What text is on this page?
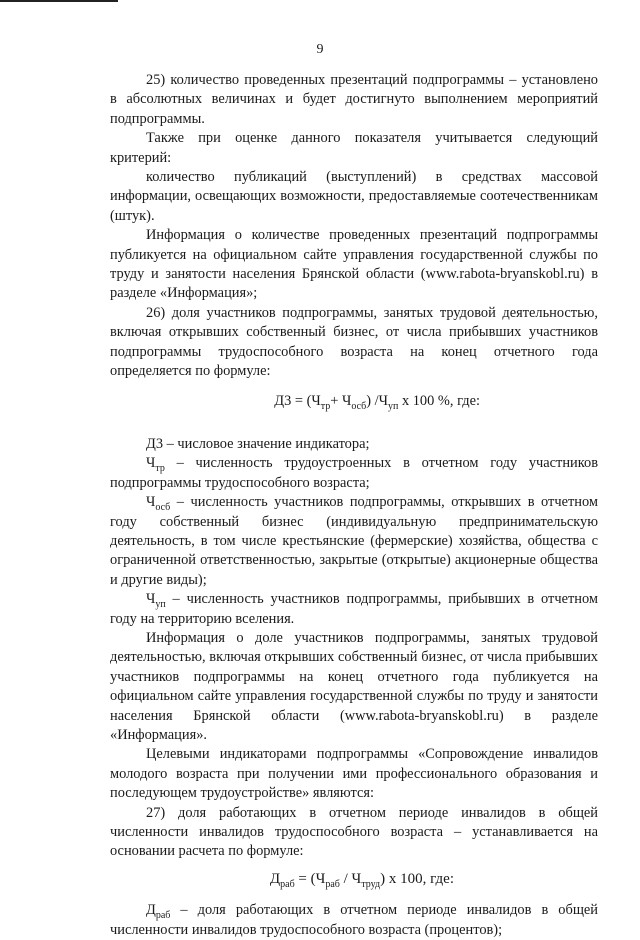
9

25) количество проведенных презентаций подпрограммы – установлено в абсолютных величинах и будет достигнуто выполнением мероприятий подпрограммы.

Также при оценке данного показателя учитывается следующий критерий:

количество публикаций (выступлений) в средствах массовой информации, освещающих возможности, предоставляемые соотечественникам (штук).

Информация о количестве проведенных презентаций подпрограммы публикуется на официальном сайте управления государственной службы по труду и занятости населения Брянской области (www.rabota-bryanskobl.ru) в разделе «Информация»;

26) доля участников подпрограммы, занятых трудовой деятельностью, включая открывших собственный бизнес, от числа прибывших участников подпрограммы трудоспособного возраста на конец отчетного года определяется по формуле:

$Д3 = (Ч_{тр}+ Ч_{осб})$ $/Ч_{уп}$ х 100 %, где:

Д3 – числовое значение индикатора;

$Ч_{тр}$ – численность трудоустроенных в отчетном году участников подпрограммы трудоспособного возраста;

$Ч_{осб}$ – численность участников подпрограммы, открывших в отчетном году собственный бизнес (индивидуальную предпринимательскую деятельность, в том числе крестьянские (фермерские) хозяйства, общества с ограниченной ответственностью, закрытые (открытые) акционерные общества и другие виды);

$Ч_{уп}$ – численность участников подпрограммы, прибывших в отчетном году на территорию вселения.

Информация о доле участников подпрограммы, занятых трудовой деятельностью, включая открывших собственный бизнес, от числа прибывших участников подпрограммы на конец отчетного года публикуется на официальном сайте управления государственной службы по труду и занятости населения Брянской области (www.rabota-bryanskobl.ru) в разделе «Информация».

Целевыми индикаторами подпрограммы «Сопровождение инвалидов молодого возраста при получении ими профессионального образования и последующем трудоустройстве» являются:

27) доля работающих в отчетном периоде инвалидов в общей численности инвалидов трудоспособного возраста – устанавливается на основании расчета по формуле:

$Д_{раб} = (Ч_{раб} / Ч_{труд})$ х 100, где:

$Д_{раб}$ – доля работающих в отчетном периоде инвалидов в общей численности инвалидов трудоспособного возраста (процентов);
